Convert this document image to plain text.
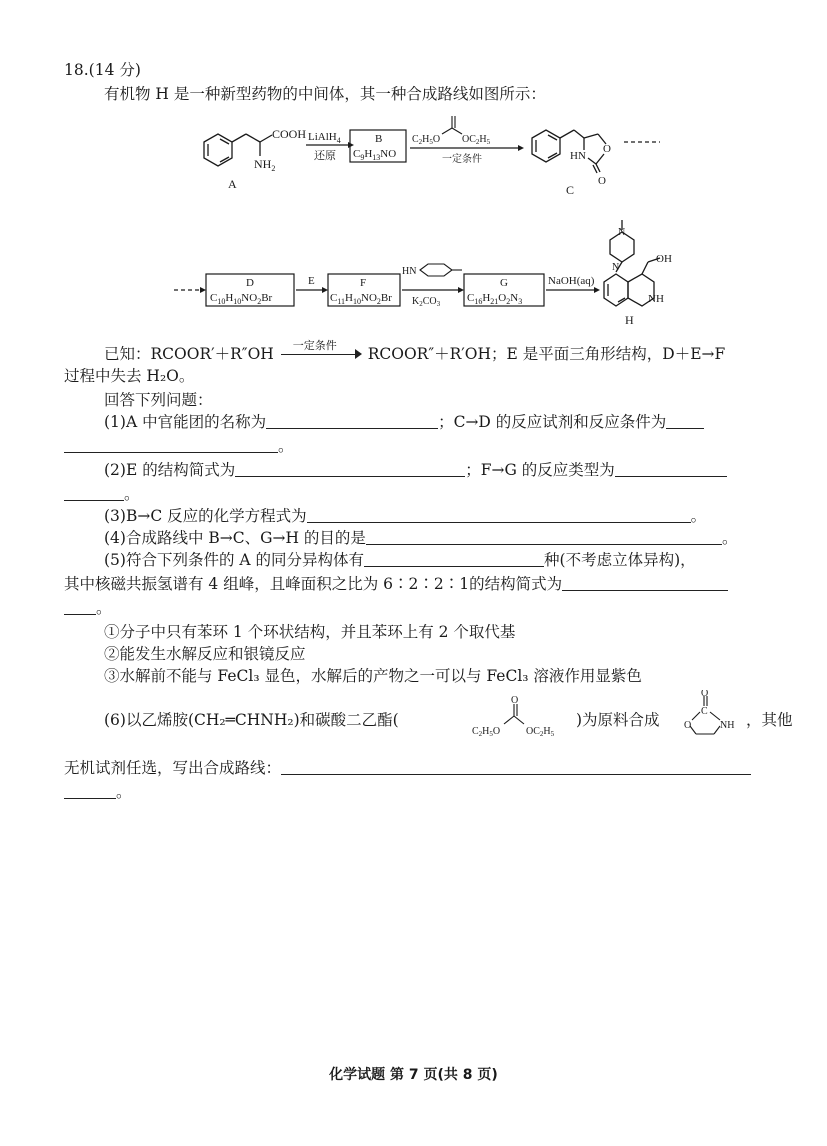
18.(14 分)
有机物 H 是一种新型药物的中间体，其一种合成路线如图所示：
COOH
$NH_2$
A
LiAlH$_4$
还原
B
$C_9H_{13}NO$
$C_2H_5O$ $OC_2H_5$
一定条件	HN
O
O
C
D
$C_{10}H_{10}NO_2Br$
E	F
$C_{11}H_{10}NO_2Br$
HN
$K_2CO_3$
G
$C_{16}H_{21}O_2N_3$
NaOH(aq)
N
N
OH
NH
H
已知：RCOOR′＋R″OH 一定条件 RCOOR″＋R′OH；E 是平面三角形结构，D＋E→F
过程中失去 H₂O。
回答下列问题：
(1)A 中官能团的名称为	；C→D 的反应试剂和反应条件为
。
(2)E 的结构简式为	；F→G 的反应类型为
。
(3)B→C 反应的化学方程式为	。
(4)合成路线中 B→C、G→H 的目的是	。
(5)符合下列条件的 A 的同分异构体有	种(不考虑立体异构)，
其中核磁共振氢谱有 4 组峰，且峰面积之比为 6∶2∶2∶1的结构简式为
。
①分子中只有苯环 1 个环状结构，并且苯环上有 2 个取代基
②能发生水解反应和银镜反应
③水解前不能与 FeCl₃ 显色，水解后的产物之一可以与 FeCl₃ 溶液作用显紫色
(6)以乙烯胺(CH₂═CHNH₂)和碳酸二乙酯(
O
$C_2H_5O$	$OC_2H_5$
)为原料合成
O
C
O	NH ，其他
无机试剂任选，写出合成路线：
。
化学试题 第 7 页(共 8 页)
